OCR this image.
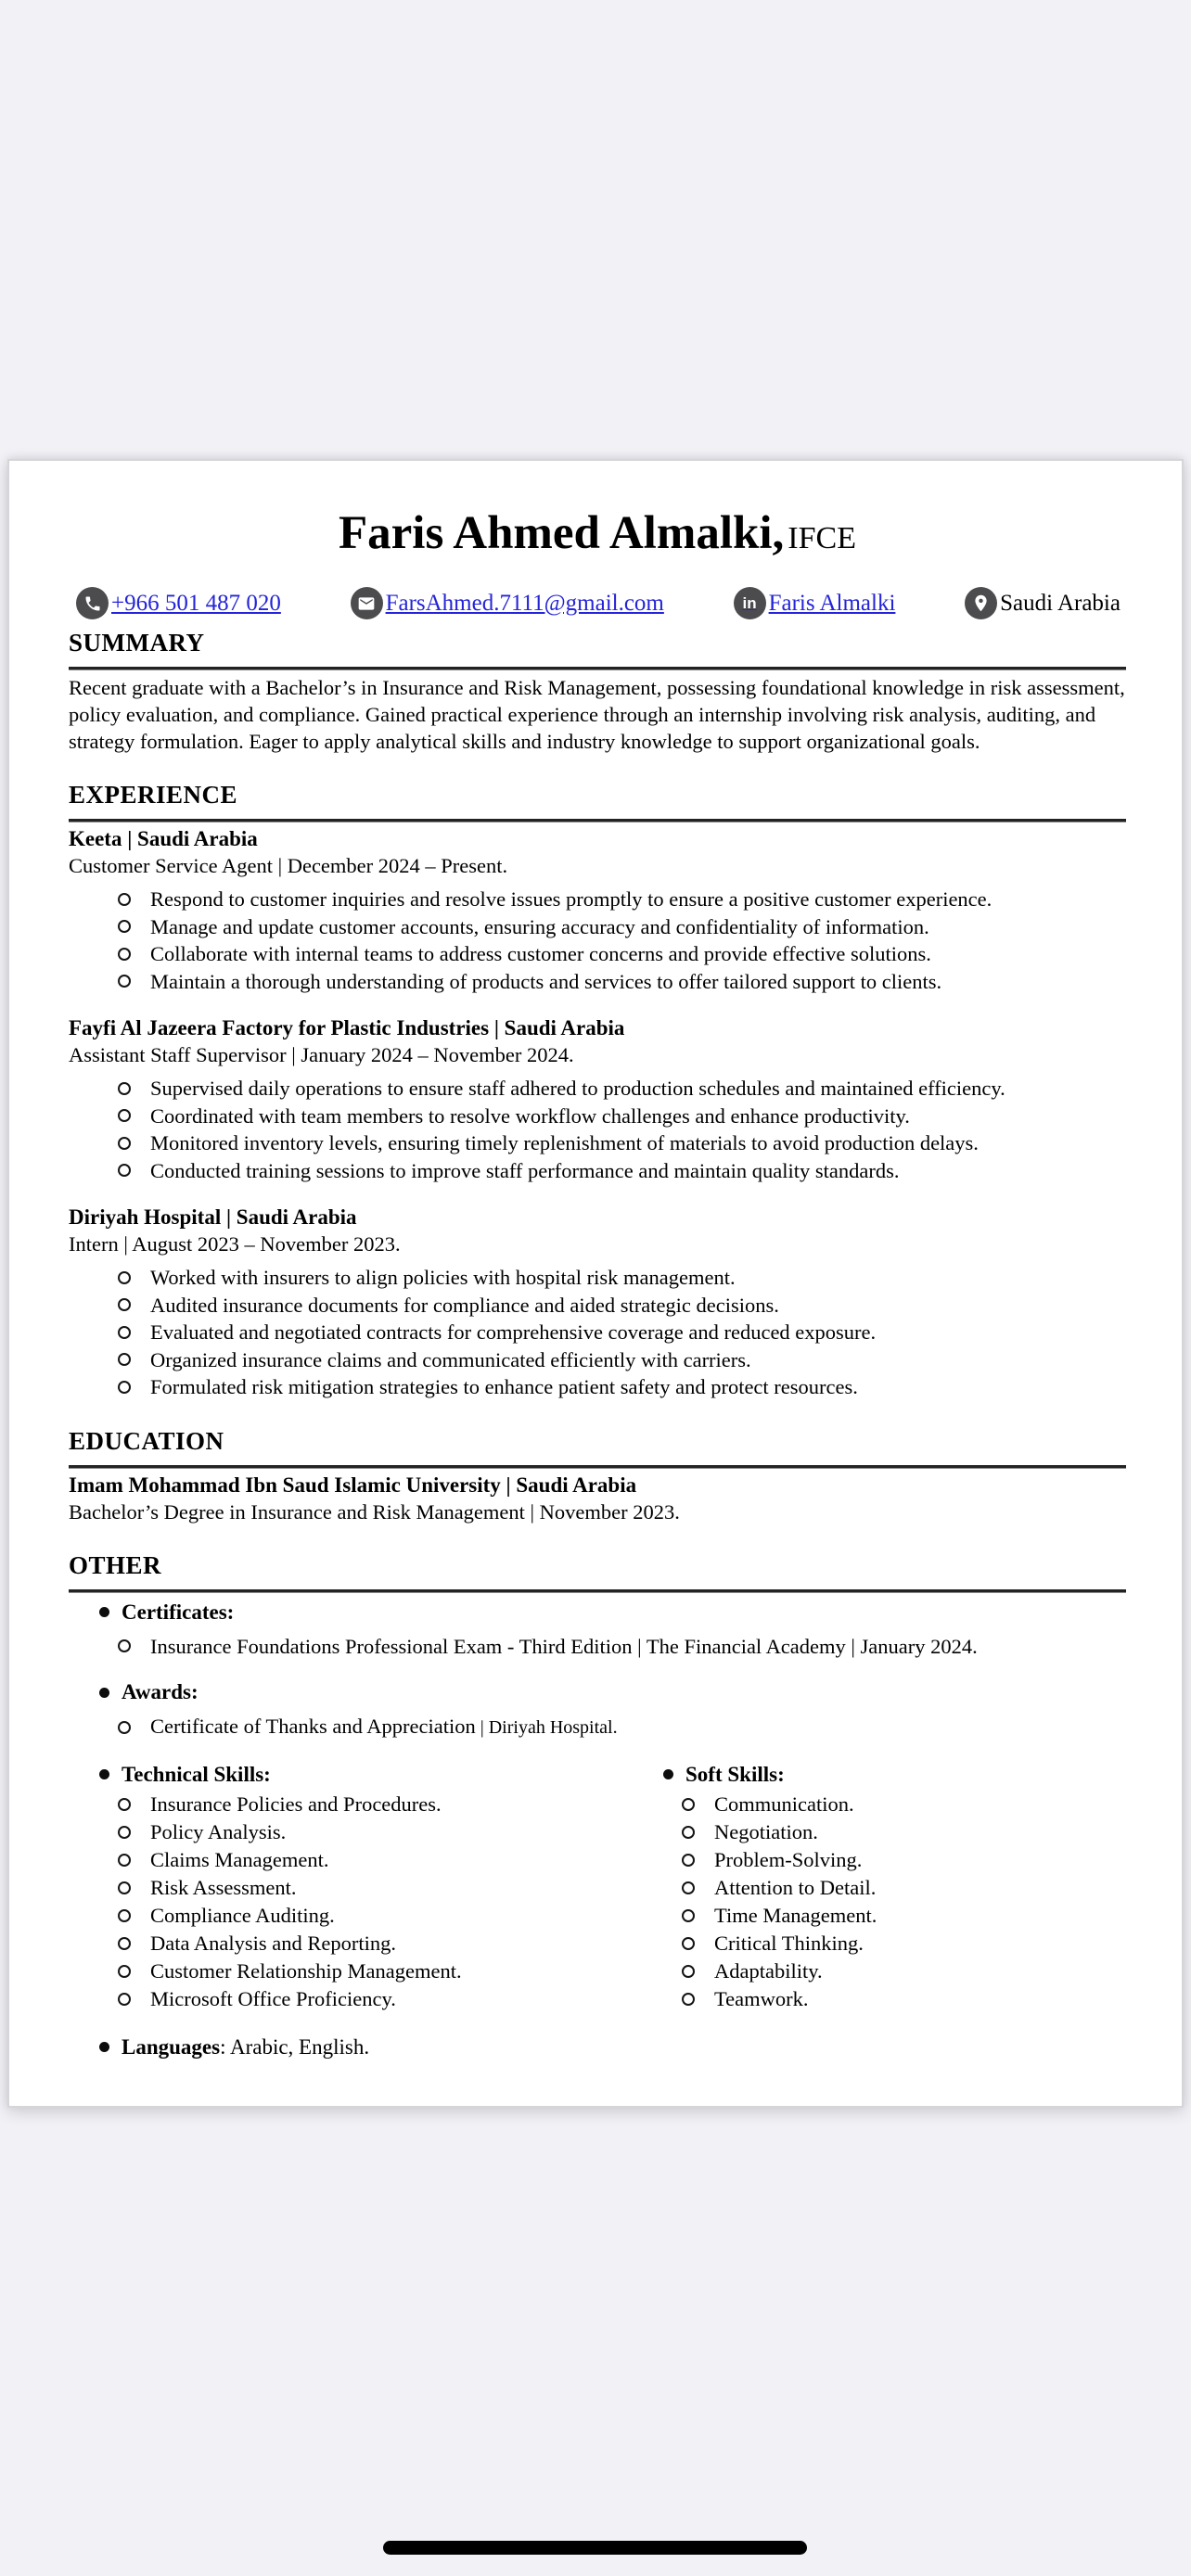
Faris Ahmed Almalki, IFCE
+966 501 487 020	FarsAhmed.7111@gmail.com	in Faris Almalki	Saudi Arabia
SUMMARY

Recent graduate with a Bachelor’s in Insurance and Risk Management, possessing foundational knowledge in risk assessment, policy evaluation, and compliance. Gained practical experience through an internship involving risk analysis, auditing, and strategy formulation. Eager to apply analytical skills and industry knowledge to support organizational goals.

EXPERIENCE
Keeta | Saudi Arabia
Customer Service Agent | December 2024 – Present.
Respond to customer inquiries and resolve issues promptly to ensure a positive customer experience.
Manage and update customer accounts, ensuring accuracy and confidentiality of information.
Collaborate with internal teams to address customer concerns and provide effective solutions.
Maintain a thorough understanding of products and services to offer tailored support to clients.
Fayfi Al Jazeera Factory for Plastic Industries | Saudi Arabia
Assistant Staff Supervisor | January 2024 – November 2024.
Supervised daily operations to ensure staff adhered to production schedules and maintained efficiency.
Coordinated with team members to resolve workflow challenges and enhance productivity.
Monitored inventory levels, ensuring timely replenishment of materials to avoid production delays.
Conducted training sessions to improve staff performance and maintain quality standards.
Diriyah Hospital | Saudi Arabia
Intern | August 2023 – November 2023.
Worked with insurers to align policies with hospital risk management.
Audited insurance documents for compliance and aided strategic decisions.
Evaluated and negotiated contracts for comprehensive coverage and reduced exposure.
Organized insurance claims and communicated efficiently with carriers.
Formulated risk mitigation strategies to enhance patient safety and protect resources.
EDUCATION
Imam Mohammad Ibn Saud Islamic University | Saudi Arabia
Bachelor’s Degree in Insurance and Risk Management | November 2023.
OTHER
Certificates:
Insurance Foundations Professional Exam - Third Edition | The Financial Academy | January 2024.
Awards:
Certificate of Thanks and Appreciation | Diriyah Hospital.
Technical Skills:
Insurance Policies and Procedures.
Policy Analysis.
Claims Management.
Risk Assessment.
Compliance Auditing.
Data Analysis and Reporting.
Customer Relationship Management.
Microsoft Office Proficiency.
Soft Skills:
Communication.
Negotiation.
Problem-Solving.
Attention to Detail.
Time Management.
Critical Thinking.
Adaptability.
Teamwork.
Languages: Arabic, English.
